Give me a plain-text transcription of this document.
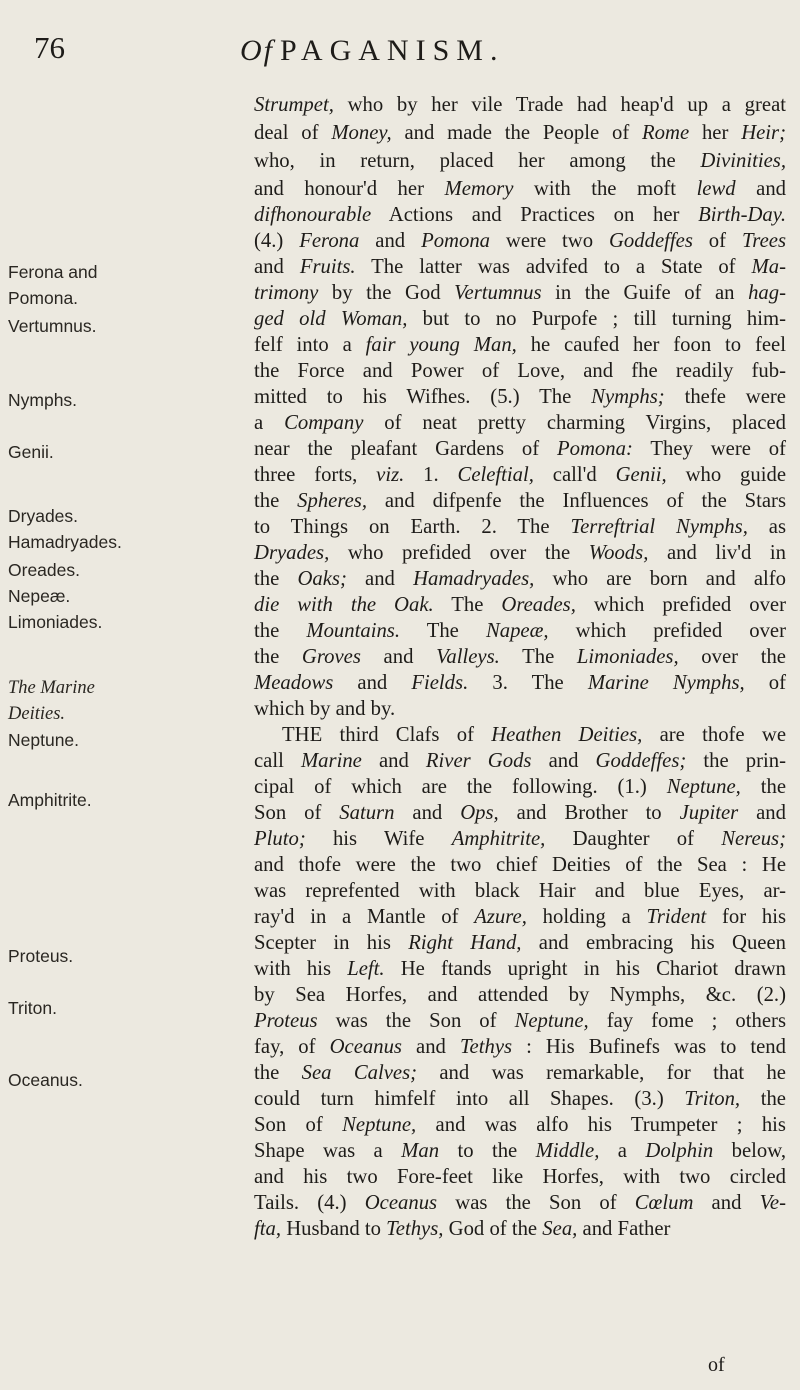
76	Of PAGANISM.
Ferona and
Pomona.
Vertumnus.
Nymphs.
Genii.
Dryades.
Hamadryades.
Oreades.
Nepeæ.
Limoniades.
The Marine
Deities.
Neptune.
Amphitrite.
Proteus.
Triton.
Oceanus.
Strumpet, who by her vile Trade had heap'd up a great
deal of Money, and made the People of Rome her Heir;
who, in return, placed her among the Divinities,
and honour'd her Memory with the moft lewd and
difhonourable Actions and Practices on her Birth-Day.
(4.) Ferona and Pomona were two Goddeffes of Trees
and Fruits. The latter was advifed to a State of Ma-
trimony by the God Vertumnus in the Guife of an hag-
ged old Woman, but to no Purpofe ; till turning him-
felf into a fair young Man, he caufed her foon to feel
the Force and Power of Love, and fhe readily fub-
mitted to his Wifhes. (5.) The Nymphs; thefe were
a Company of neat pretty charming Virgins, placed
near the pleafant Gardens of Pomona: They were of
three forts, viz. 1. Celeftial, call'd Genii, who guide
the Spheres, and difpenfe the Influences of the Stars
to Things on Earth. 2. The Terreftrial Nymphs, as
Dryades, who prefided over the Woods, and liv'd in
the Oaks; and Hamadryades, who are born and alfo
die with the Oak. The Oreades, which prefided over
the Mountains. The Napeæ, which prefided over
the Groves and Valleys. The Limoniades, over the
Meadows and Fields. 3. The Marine Nymphs, of
which by and by.
THE third Clafs of Heathen Deities, are thofe we
call Marine and River Gods and Goddeffes; the prin-
cipal of which are the following. (1.) Neptune, the
Son of Saturn and Ops, and Brother to Jupiter and
Pluto; his Wife Amphitrite, Daughter of Nereus;
and thofe were the two chief Deities of the Sea : He
was reprefented with black Hair and blue Eyes, ar-
ray'd in a Mantle of Azure, holding a Trident for his
Scepter in his Right Hand, and embracing his Queen
with his Left. He ftands upright in his Chariot drawn
by Sea Horfes, and attended by Nymphs, &c. (2.)
Proteus was the Son of Neptune, fay fome ; others
fay, of Oceanus and Tethys : His Bufinefs was to tend
the Sea Calves; and was remarkable, for that he
could turn himfelf into all Shapes. (3.) Triton, the
Son of Neptune, and was alfo his Trumpeter ; his
Shape was a Man to the Middle, a Dolphin below,
and his two Fore-feet like Horfes, with two circled
Tails. (4.) Oceanus was the Son of Cœlum and Ve-
fta, Husband to Tethys, God of the Sea, and Father
of
